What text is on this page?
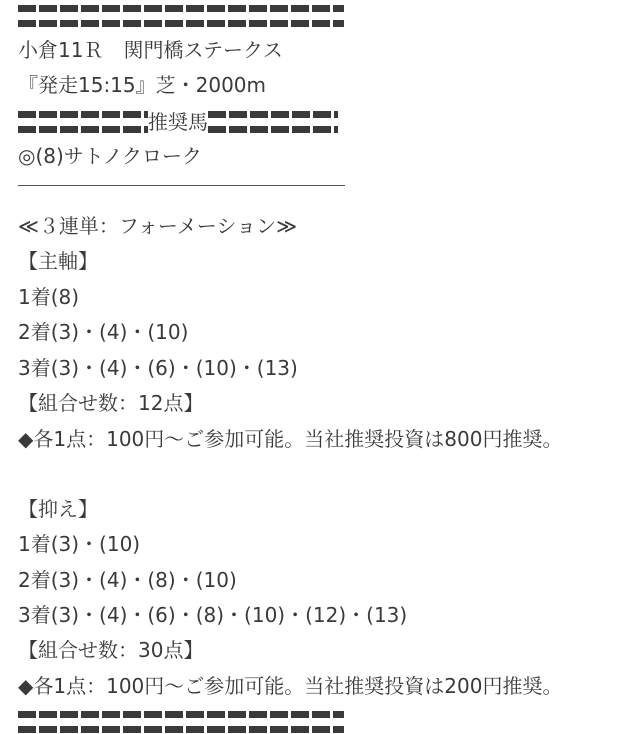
小倉11Ｒ　関門橋ステークス
『発走15:15』芝・2000m
推奨馬
◎(8)サトノクローク
≪３連単：フォーメーション≫
【主軸】
1着(8)
2着(3)・(4)・(10)
3着(3)・(4)・(6)・(10)・(13)
【組合せ数：12点】
◆各1点：100円～ご参加可能。当社推奨投資は800円推奨。
【抑え】
1着(3)・(10)
2着(3)・(4)・(8)・(10)
3着(3)・(4)・(6)・(8)・(10)・(12)・(13)
【組合せ数：30点】
◆各1点：100円～ご参加可能。当社推奨投資は200円推奨。
